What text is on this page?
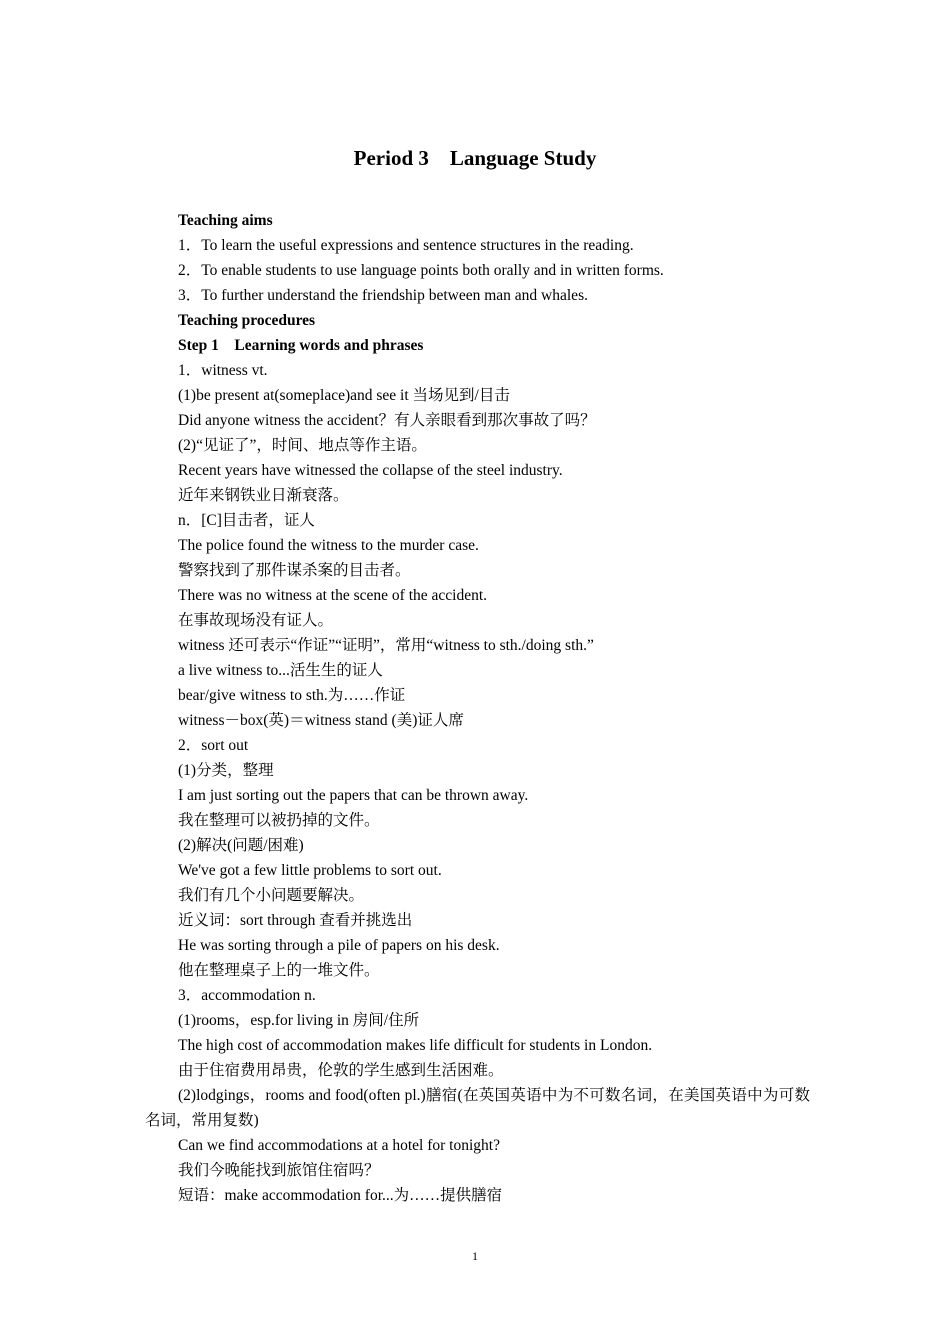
Period 3    Language Study
Teaching aims
1．To learn the useful expressions and sentence structures in the reading.
2．To enable students to use language points both orally and in written forms.
3．To further understand the friendship between man and whales.
Teaching procedures
Step 1    Learning words and phrases
1．witness vt.
(1)be present at(someplace)and see it 当场见到/目击
Did anyone witness the accident？有人亲眼看到那次事故了吗？
(2)“见证了”，时间、地点等作主语。
Recent years have witnessed the collapse of the steel industry.
近年来钢铁业日渐衰落。
n．[C]目击者，证人
The police found the witness to the murder case.
警察找到了那件谋杀案的目击者。
There was no witness at the scene of the accident.
在事故现场没有证人。
witness 还可表示“作证”“证明”，常用“witness to sth./doing sth.”
a live witness to...活生生的证人
bear/give witness to sth.为……作证
witness－box(英)＝witness stand (美)证人席
2．sort out
(1)分类，整理
I am just sorting out the papers that can be thrown away.
我在整理可以被扔掉的文件。
(2)解决(问题/困难)
We've got a few little problems to sort out.
我们有几个小问题要解决。
近义词：sort through 查看并挑选出
He was sorting through a pile of papers on his desk.
他在整理桌子上的一堆文件。
3．accommodation n.
(1)rooms，esp.for living in 房间/住所
The high cost of accommodation makes life difficult for students in London.
由于住宿费用昂贵，伦敦的学生感到生活困难。
(2)lodgings，rooms and food(often pl.)膳宿(在英国英语中为不可数名词，在美国英语中为可数名词，常用复数)
Can we find accommodations at a hotel for tonight?
我们今晚能找到旅馆住宿吗？
短语：make accommodation for...为……提供膳宿
1
